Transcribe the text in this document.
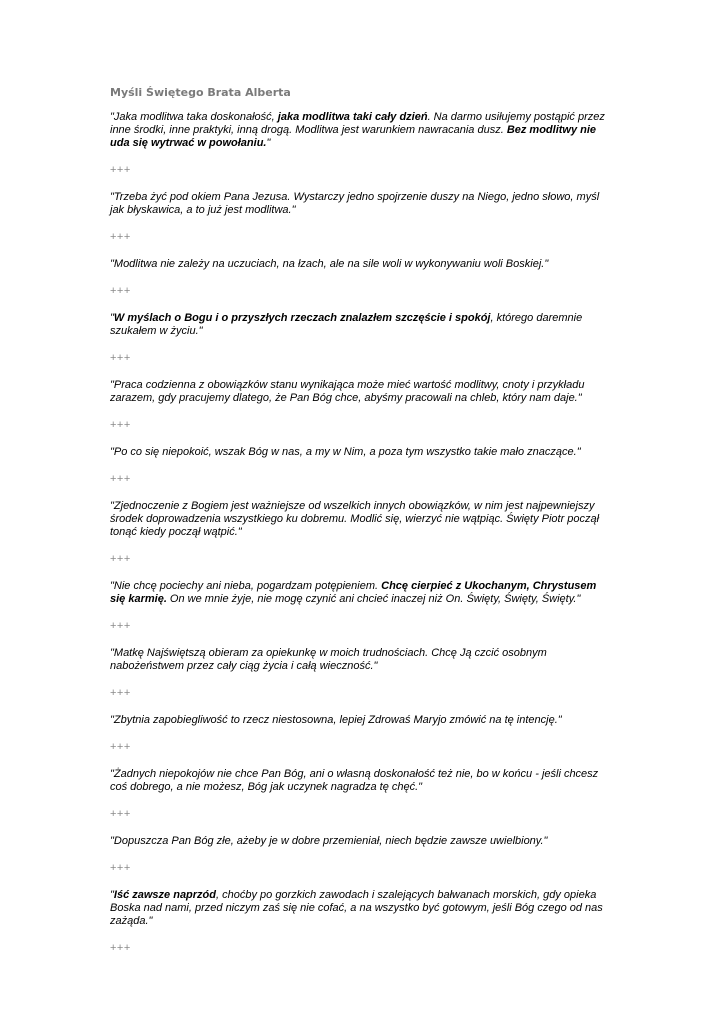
Myśli Świętego Brata Alberta

"Jaka modlitwa taka doskonałość, jaka modlitwa taki cały dzień. Na darmo usiłujemy postąpić przez inne środki, inne praktyki, inną drogą. Modlitwa jest warunkiem nawracania dusz. Bez modlitwy nie uda się wytrwać w powołaniu."

+++

"Trzeba żyć pod okiem Pana Jezusa. Wystarczy jedno spojrzenie duszy na Niego, jedno słowo, myśl jak błyskawica, a to już jest modlitwa."

+++

"Modlitwa nie zależy na uczuciach, na łzach, ale na sile woli w wykonywaniu woli Boskiej."

+++

"W myślach o Bogu i o przyszłych rzeczach znalazłem szczęście i spokój, którego daremnie szukałem w życiu."

+++

"Praca codzienna z obowiązków stanu wynikająca może mieć wartość modlitwy, cnoty i przykładu zarazem, gdy pracujemy dlatego, że Pan Bóg chce, abyśmy pracowali na chleb, który nam daje."

+++

"Po co się niepokoić, wszak Bóg w nas, a my w Nim, a poza tym wszystko takie mało znaczące."

+++

"Zjednoczenie z Bogiem jest ważniejsze od wszelkich innych obowiązków, w nim jest najpewniejszy środek doprowadzenia wszystkiego ku dobremu. Modlić się, wierzyć nie wątpiąc. Święty Piotr począł tonąć kiedy począł wątpić."

+++

"Nie chcę pociechy ani nieba, pogardzam potępieniem. Chcę cierpieć z Ukochanym, Chrystusem się karmię. On we mnie żyje, nie mogę czynić ani chcieć inaczej niż On. Święty, Święty, Święty."

+++

"Matkę Najświętszą obieram za opiekunkę w moich trudnościach. Chcę Ją czcić osobnym nabożeństwem przez cały ciąg życia i całą wieczność."

+++

"Zbytnia zapobiegliwość to rzecz niestosowna, lepiej Zdrowaś Maryjo zmówić na tę intencję."

+++

"Żadnych niepokojów nie chce Pan Bóg, ani o własną doskonałość też nie, bo w końcu - jeśli chcesz coś dobrego, a nie możesz, Bóg jak uczynek nagradza tę chęć."

+++

"Dopuszcza Pan Bóg złe, ażeby je w dobre przemieniał, niech będzie zawsze uwielbiony."

+++

"Iść zawsze naprzód, choćby po gorzkich zawodach i szalejących bałwanach morskich, gdy opieka Boska nad nami, przed niczym zaś się nie cofać, a na wszystko być gotowym, jeśli Bóg czego od nas zażąda."

+++
